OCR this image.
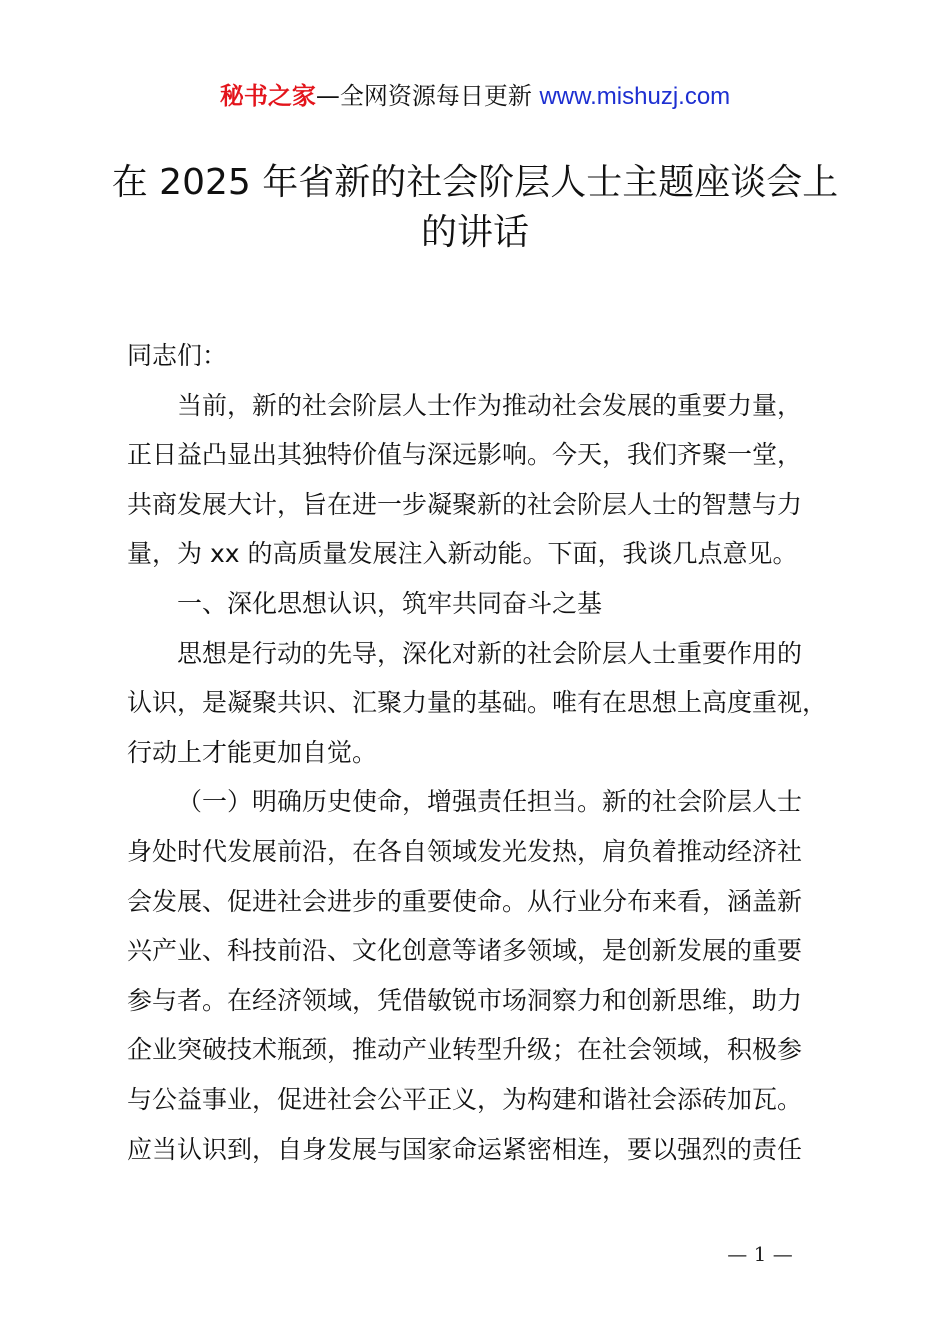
秘书之家—全网资源每日更新 www.mishuzj.com
在 2025 年省新的社会阶层人士主题座谈会上
的讲话
同志们：
当前，新的社会阶层人士作为推动社会发展的重要力量，
正日益凸显出其独特价值与深远影响。今天，我们齐聚一堂，
共商发展大计，旨在进一步凝聚新的社会阶层人士的智慧与力
量，为 xx 的高质量发展注入新动能。下面，我谈几点意见。
一、深化思想认识，筑牢共同奋斗之基
思想是行动的先导，深化对新的社会阶层人士重要作用的
认识，是凝聚共识、汇聚力量的基础。唯有在思想上高度重视，
行动上才能更加自觉。
（一）明确历史使命，增强责任担当。新的社会阶层人士
身处时代发展前沿，在各自领域发光发热，肩负着推动经济社
会发展、促进社会进步的重要使命。从行业分布来看，涵盖新
兴产业、科技前沿、文化创意等诸多领域，是创新发展的重要
参与者。在经济领域，凭借敏锐市场洞察力和创新思维，助力
企业突破技术瓶颈，推动产业转型升级；在社会领域，积极参
与公益事业，促进社会公平正义，为构建和谐社会添砖加瓦。
应当认识到，自身发展与国家命运紧密相连，要以强烈的责任
— 1 —
